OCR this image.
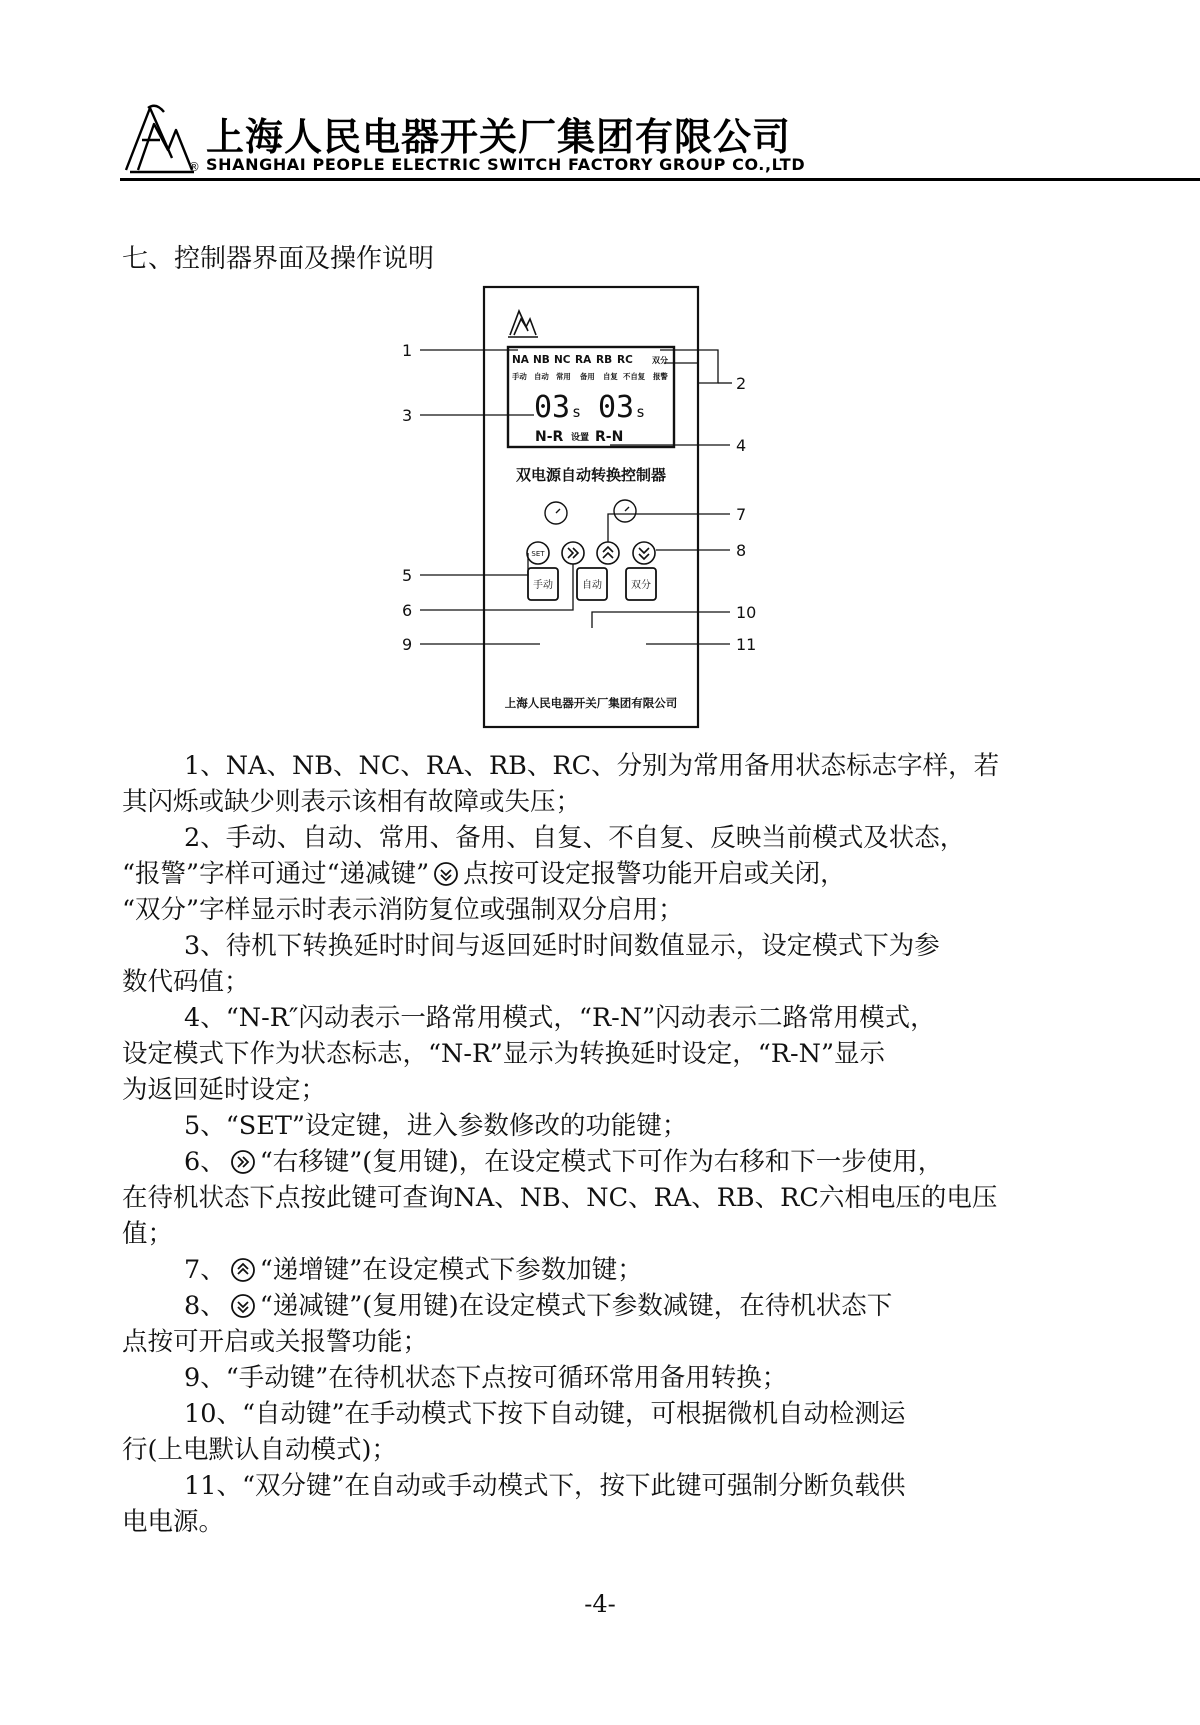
上海人民电器开关厂集团有限公司
® SHANGHAI PEOPLE ELECTRIC SWITCH FACTORY GROUP CO.,LTD
七、控制器界面及操作说明
NA NB NC RA RB RC 双分
手动 自动 常用 备用 自复 不自复 报警
03 s 03 s
N-R 设置 R-N
双电源自动转换控制器
SET
手动	自动	双分
上海人民电器开关厂集团有限公司
1
2
3
4
5
6
7
8
9
10
11

1、NA、NB、NC、RA、RB、RC、分别为常用备用状态标志字样，若

其闪烁或缺少则表示该相有故障或失压；

2、手动、自动、常用、备用、自复、不自复、反映当前模式及状态，

“报警”字样可通过“递减键” 点按可设定报警功能开启或关闭，

“双分”字样显示时表示消防复位或强制双分启用；

3、待机下转换延时时间与返回延时时间数值显示，设定模式下为参

数代码值；

4、“N-R″闪动表示一路常用模式，“R-N”闪动表示二路常用模式，

设定模式下作为状态标志，“N-R”显示为转换延时设定，“R-N”显示

为返回延时设定；

5、“SET”设定键，进入参数修改的功能键；

6、 “右移键”(复用键)，在设定模式下可作为右移和下一步使用，

在待机状态下点按此键可查询NA、NB、NC、RA、RB、RC六相电压的电压

值；

7、 “递增键”在设定模式下参数加键；

8、 “递减键”(复用键)在设定模式下参数减键，在待机状态下

点按可开启或关报警功能；

9、“手动键”在待机状态下点按可循环常用备用转换；

10、“自动键”在手动模式下按下自动键，可根据微机自动检测运

行(上电默认自动模式)；

11、“双分键”在自动或手动模式下，按下此键可强制分断负载供

电电源。

-4-
